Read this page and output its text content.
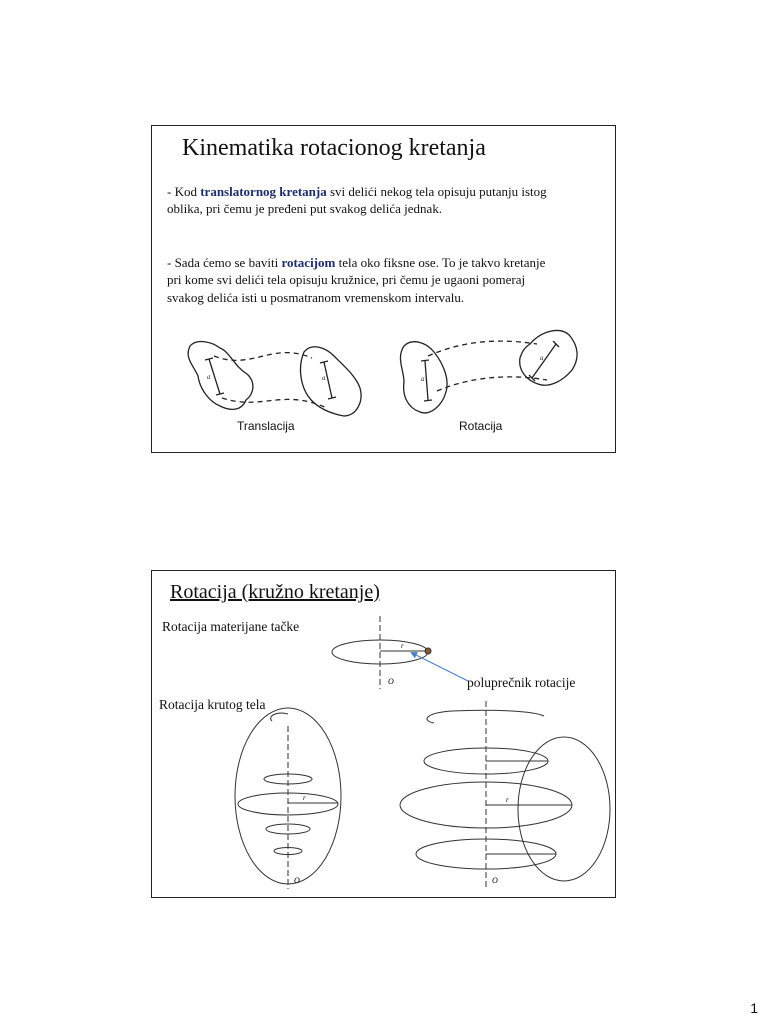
Kinematika rotacionog kretanja
- Kod translatornog kretanja svi delići nekog tela opisuju putanju istog oblika, pri čemu je pređeni put svakog delića jednak.
- Sada ćemo se baviti rotacijom tela oko fiksne ose. To je takvo kretanje pri kome svi delići tela opisuju kružnice, pri čemu je ugaoni pomeraj svakog delića isti u posmatranom vremenskom intervalu.
a	a	a
a
Translacija	Rotacija
Rotacija (kružno kretanje)
Rotacija materijane tačke
poluprečnik rotacije
Rotacija krutog tela
r
O
r
O
r
O
1
